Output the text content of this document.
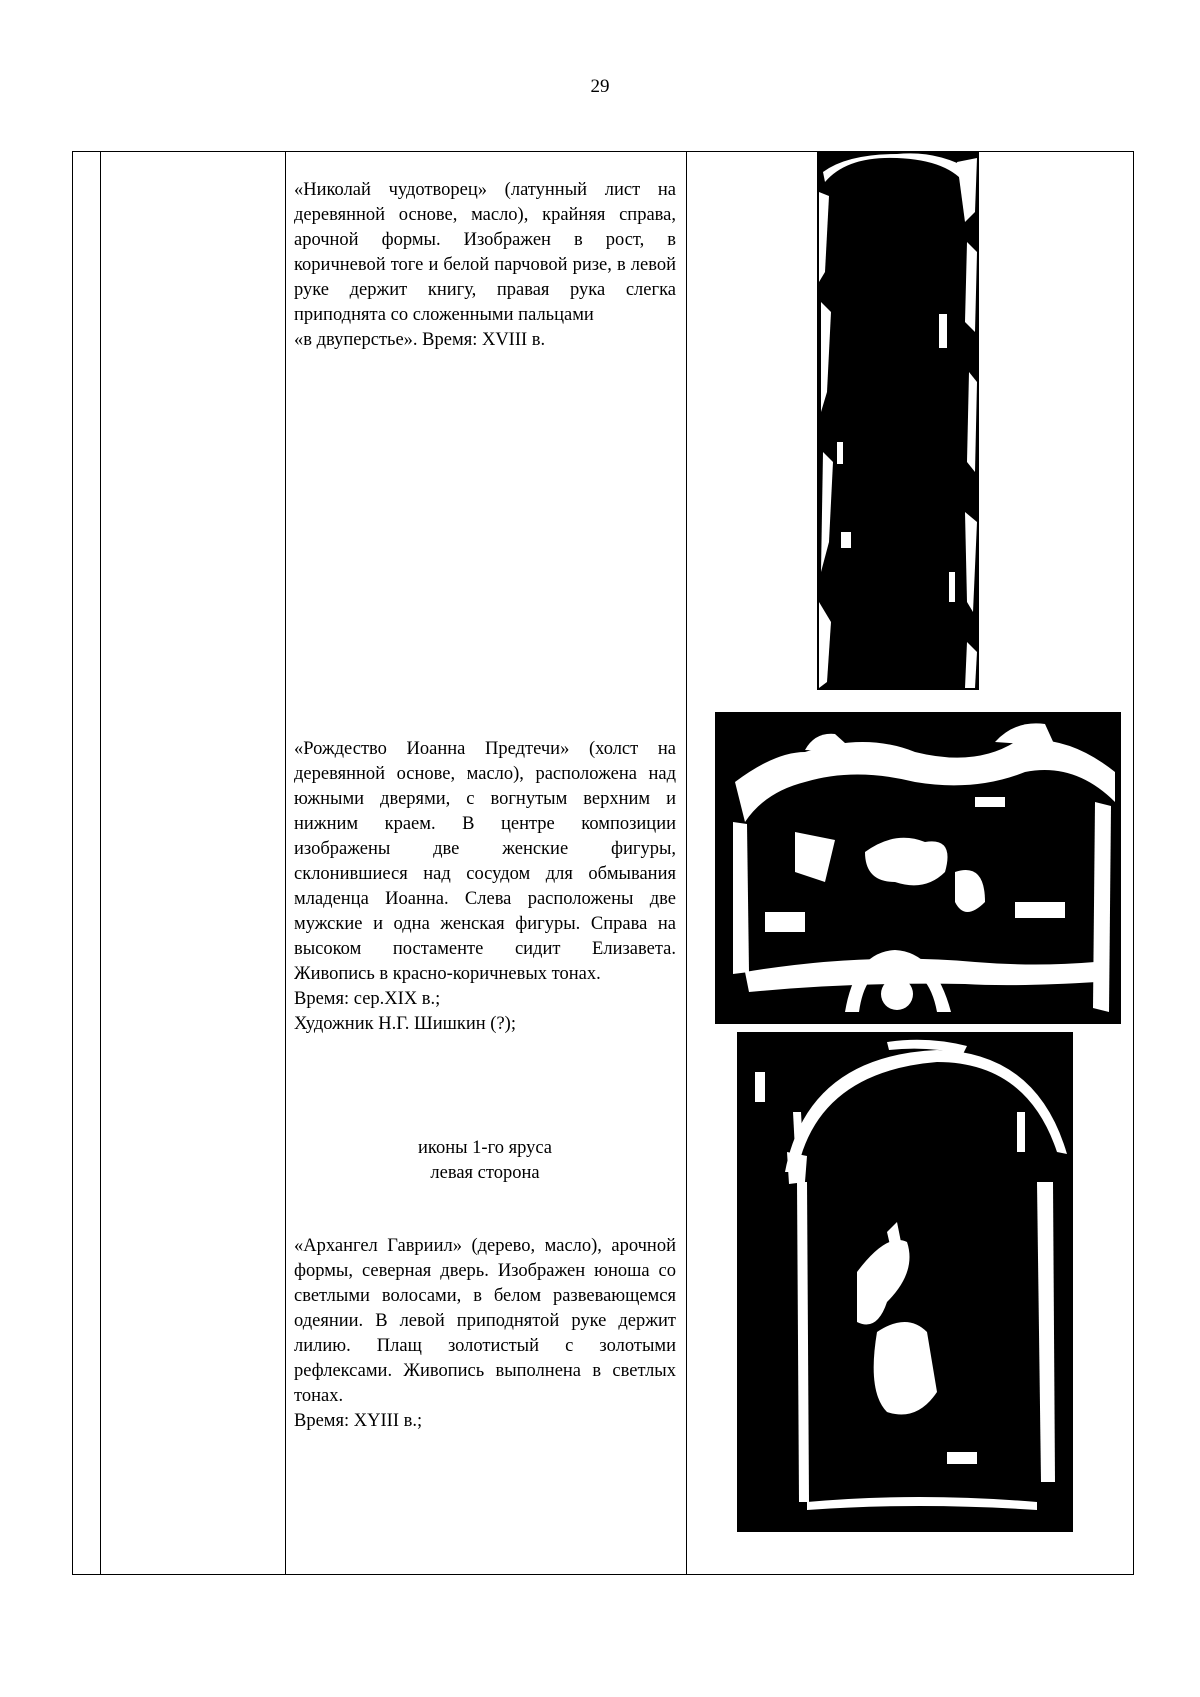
29

«Николай чудотворец» (латунный лист на деревянной основе, масло), крайняя справа, арочной формы. Изображен в рост, в коричневой тоге и белой парчовой ризе, в левой руке держит книгу, правая рука слегка приподнята со сложенными пальцами

«в двуперстье». Время: XVIII в.

«Рождество Иоанна Предтечи» (холст на деревянной основе, масло), расположена над южными дверями, с вогнутым верхним и нижним краем. В центре композиции изображены две женские фигуры, склонившиеся над сосудом для обмывания младенца Иоанна. Слева расположены две мужские и одна женская фигуры. Справа на высоком постаменте сидит Елизавета. Живопись в красно-коричневых тонах.

Время: сер.XIX в.;

Художник Н.Г. Шишкин (?);

иконы 1-го яруса

левая сторона

«Архангел Гавриил» (дерево, масло), арочной формы, северная дверь. Изображен юноша со светлыми волосами, в белом развевающемся одеянии. В левой приподнятой руке держит лилию. Плащ золотистый с золотыми рефлексами. Живопись выполнена в светлых тонах.

Время: XYIII в.;
